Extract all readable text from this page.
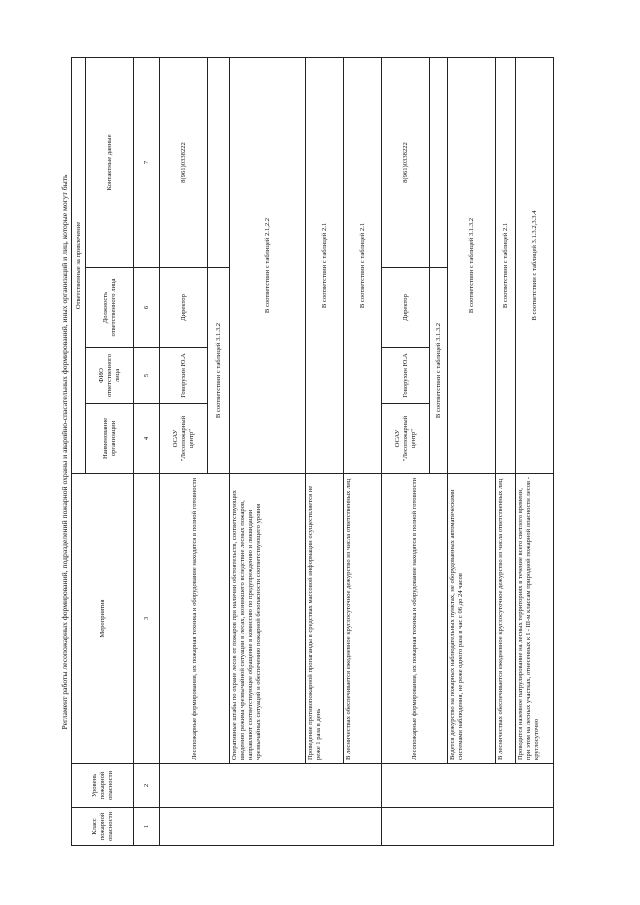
Регламент работы лесопожарных формирований, подразделений пожарной охраны и аварийно-спасательных формирований, иных организаций и лиц, которые могут быть
Класс пожарной опасности	Уровень пожарной опасности	Мероприятия	Ответственные за привлечение			
			Наименование организации	ФИО ответственного лица	Должность ответственного лица	Контактные данные
1	2	3	4	5	6	7
		Лесопожарные формирования, их пожарная техника и оборудование находятся в полной готовности	ОСАУ "Лесопожарный центр"	Говорухин Ю.А	Директор	8(961)0338222
			В соответствии с таблицей 3.1.3.2			
		Оперативные штабы по охране лесов от пожаров при наличии обстоятельств, соответствующих введению режима чрезвычайной ситуации в лесах, возникшего вследствие лесных пожаров, направляют соответствующее обращение в комиссию по предупреждению и ликвидации чрезвычайных ситуаций и обеспечению пожарной безопасности соответствующего уровня	В соответствии с таблицей 2.1,2.2			
		Проведение противопожарной пропаганды в средствах массовой информации осуществляется не реже 1 раза в день	В соответствии с таблицей 2.1			
		В лесничествах обеспечивается ежедневное круглосуточное дежурство из числа ответственных лиц	В соответствии с таблицей 2.1			
		Лесопожарные формирования, их пожарная техника и оборудование находятся в полной готовности	ОСАУ "Лесопожарный центр"	Говорухин Ю.А	Директор	8(961)0338222
			В соответствии с таблицей 3.1.3.2			
		Ведется дежурство на пожарных наблюдательных пунктах, не оборудованных автоматическими системами наблюдения, не реже одного раза в час с 06 до 24 часов	В соответствии с таблицей 3.1.3.2			
		В лесничествах обеспечивается ежедневное круглосуточное дежурство из числа ответственных лиц	В соответствии с таблицей 2.1			
		Проводится наземное патрулирование на лесных территориях в течение всего светлого времени, при этом на лесных участках, отнесенных к I - III-м классам природной пожарной опасности лесов - круглосуточно	В соответствии с таблицей 3.1.3.2,3.3.4			
